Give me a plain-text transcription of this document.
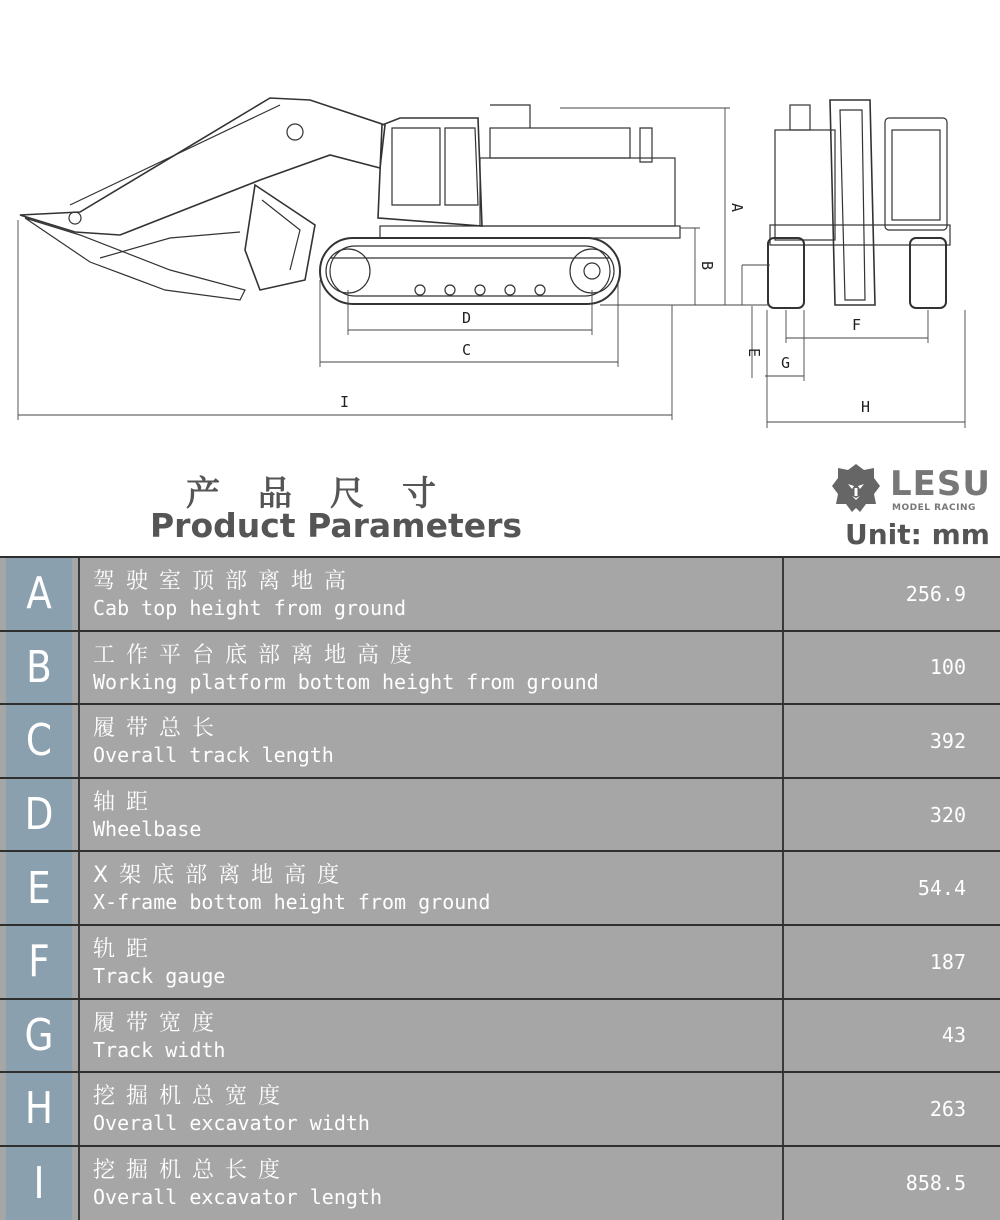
I
C
D
A
B
E
F
G
H
产品尺寸
Product Parameters
LESU
MODEL RACING
Unit: mm
A	驾驶室顶部离地高
Cab top height from ground
256.9
B	工作平台底部离地高度
Working platform bottom height from ground
100
C	履带总长
Overall track length
392
D	轴距
Wheelbase
320
E	X架底部离地高度
X-frame bottom height from ground
54.4
F	轨距
Track gauge
187
G	履带宽度
Track width
43
H	挖掘机总宽度
Overall excavator width
263
I	挖掘机总长度
Overall excavator length
858.5
